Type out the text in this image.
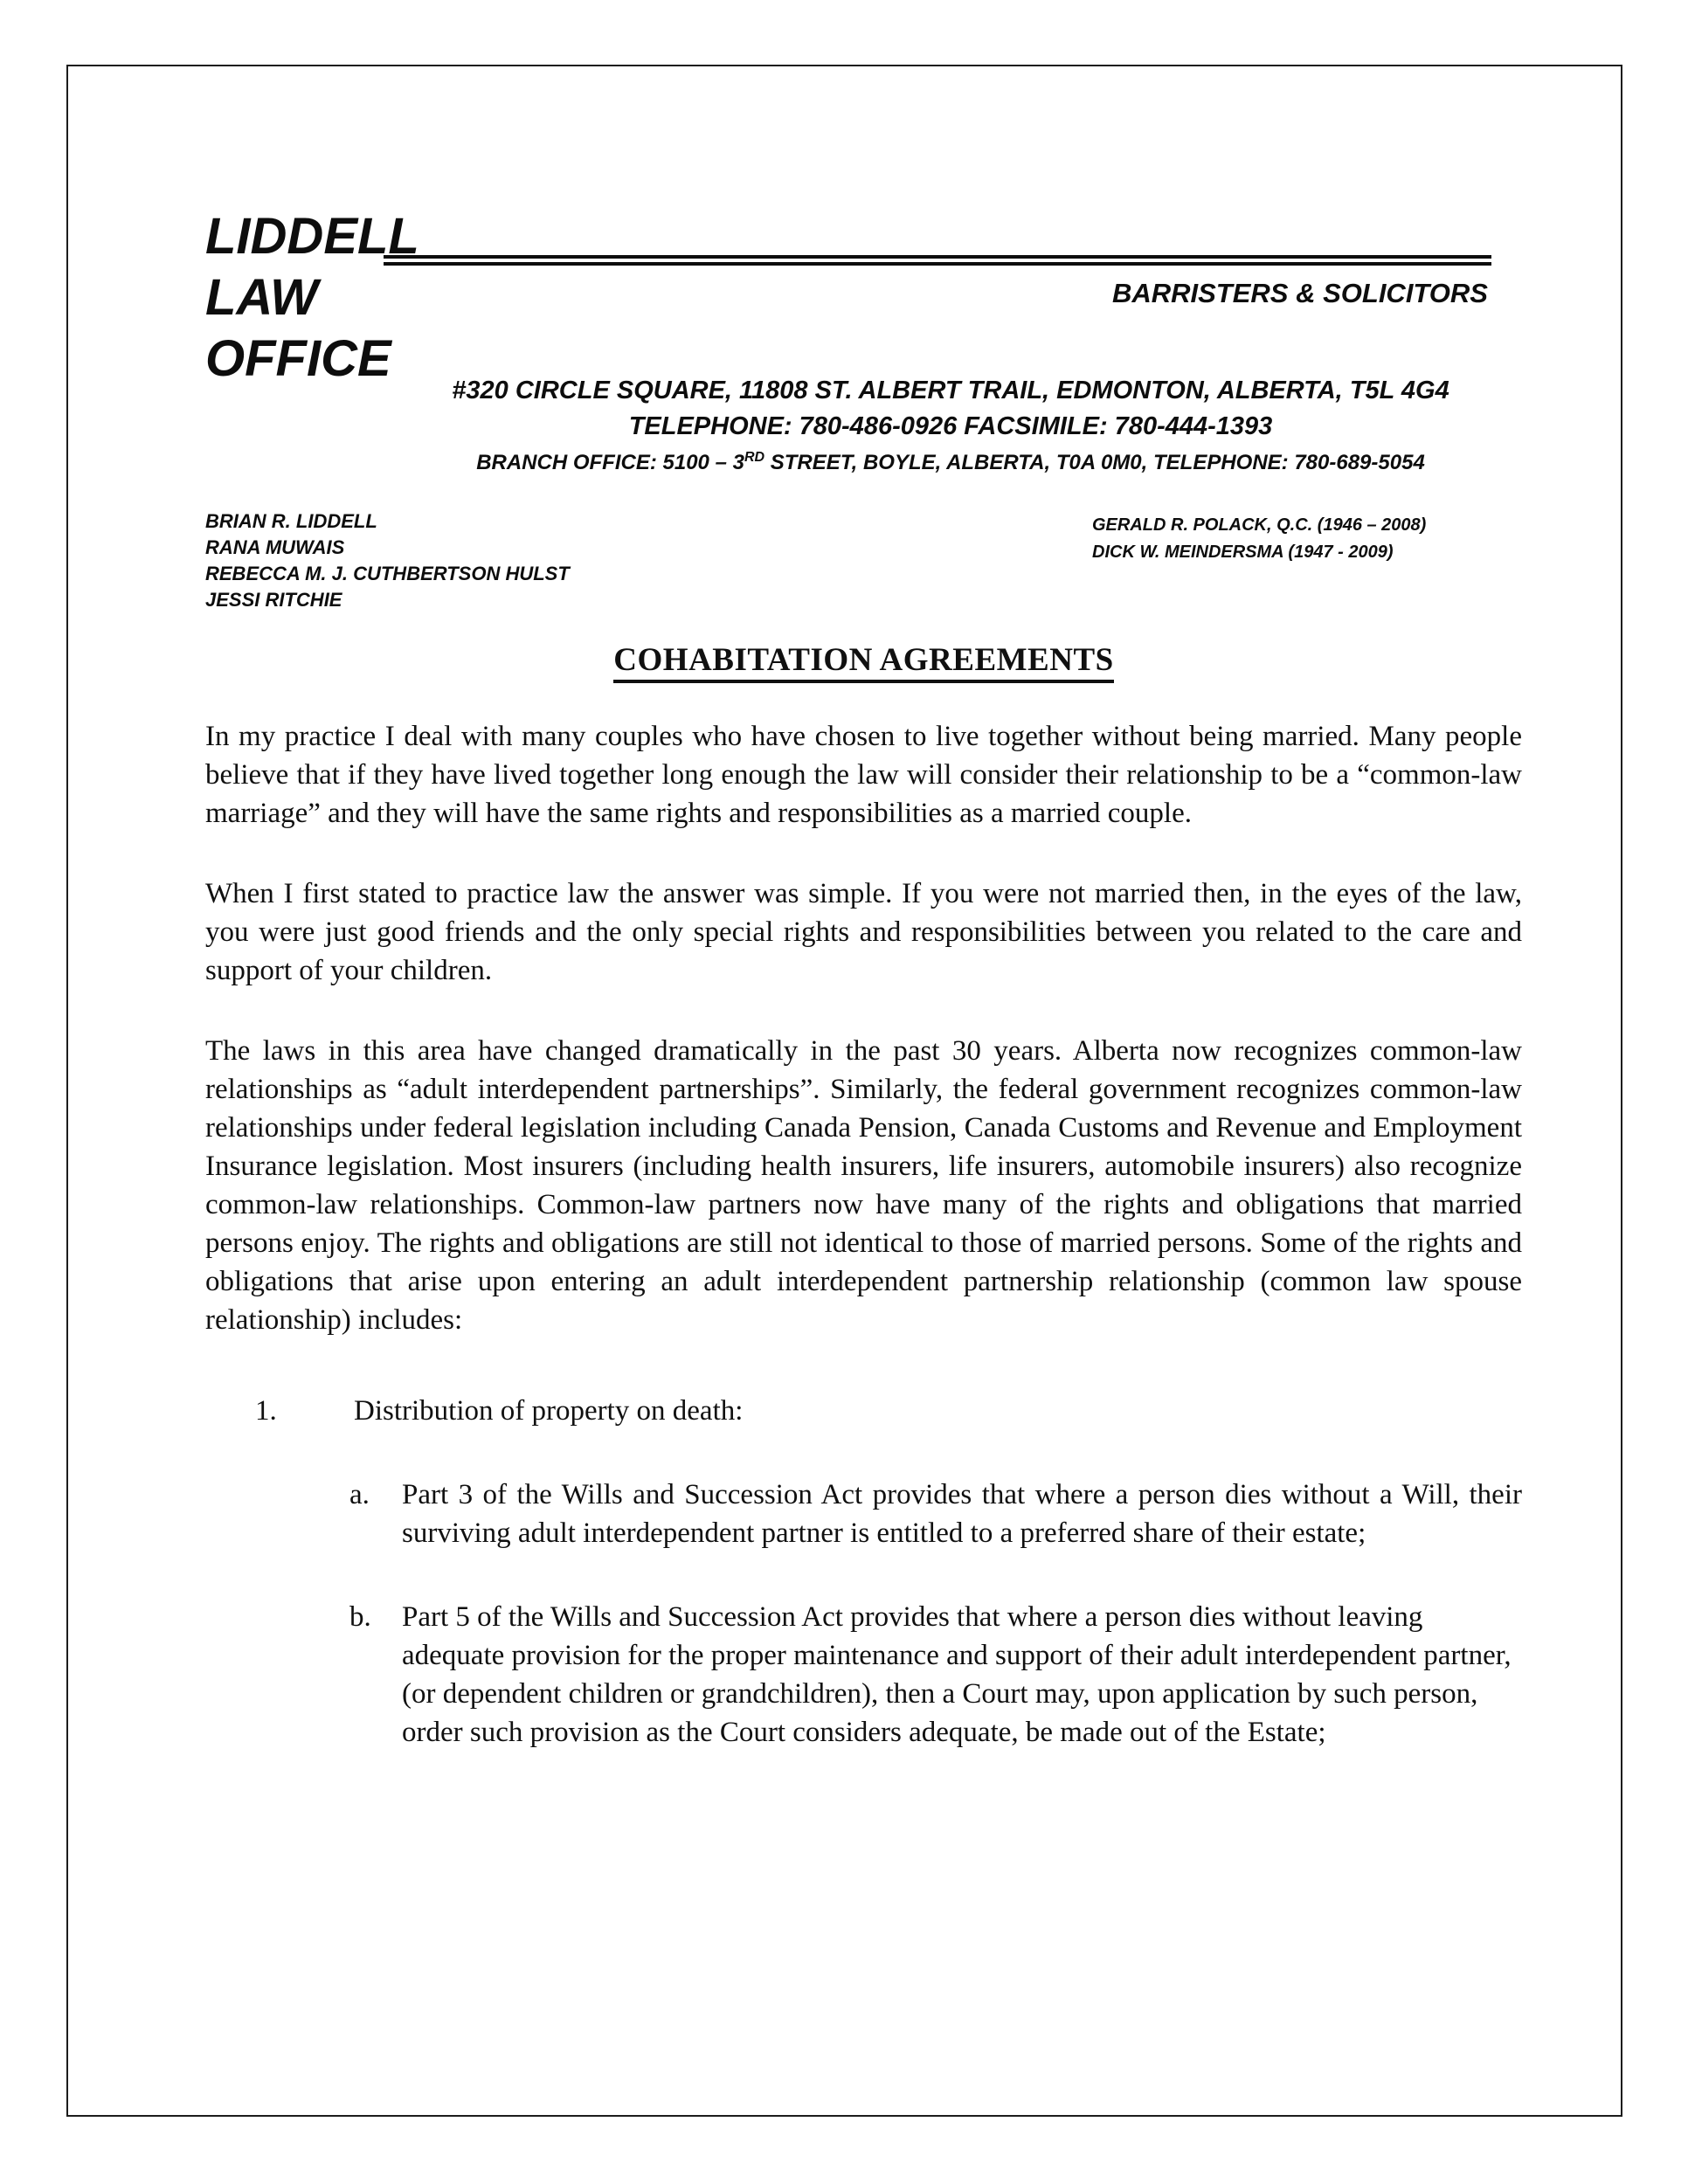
LIDDELL
LAW
OFFICE
BARRISTERS & SOLICITORS
#320 CIRCLE SQUARE, 11808 ST. ALBERT TRAIL, EDMONTON, ALBERTA, T5L 4G4
TELEPHONE: 780-486-0926 FACSIMILE: 780-444-1393
BRANCH OFFICE: 5100 – 3RD STREET, BOYLE, ALBERTA, T0A 0M0, TELEPHONE: 780-689-5054
BRIAN R. LIDDELL
RANA MUWAIS
REBECCA M. J. CUTHBERTSON HULST
JESSI RITCHIE
GERALD R. POLACK, Q.C. (1946 – 2008)
DICK W. MEINDERSMA (1947 - 2009)
COHABITATION AGREEMENTS

In my practice I deal with many couples who have chosen to live together without being married. Many people believe that if they have lived together long enough the law will consider their relationship to be a “common-law marriage” and they will have the same rights and responsibilities as a married couple.

When I first stated to practice law the answer was simple. If you were not married then, in the eyes of the law, you were just good friends and the only special rights and responsibilities between you related to the care and support of your children.

The laws in this area have changed dramatically in the past 30 years. Alberta now recognizes common-law relationships as “adult interdependent partnerships”. Similarly, the federal government recognizes common-law relationships under federal legislation including Canada Pension, Canada Customs and Revenue and Employment Insurance legislation. Most insurers (including health insurers, life insurers, automobile insurers) also recognize common-law relationships. Common-law partners now have many of the rights and obligations that married persons enjoy. The rights and obligations are still not identical to those of married persons. Some of the rights and obligations that arise upon entering an adult interdependent partnership relationship (common law spouse relationship) includes:

1.	Distribution of property on death:
a.	Part 3 of the Wills and Succession Act provides that where a person dies without a Will, their surviving adult interdependent partner is entitled to a preferred share of their estate;
b.	Part 5 of the Wills and Succession Act provides that where a person dies without leaving adequate provision for the proper maintenance and support of their adult interdependent partner, (or dependent children or grandchildren), then a Court may, upon application by such person, order such provision as the Court considers adequate, be made out of the Estate;
